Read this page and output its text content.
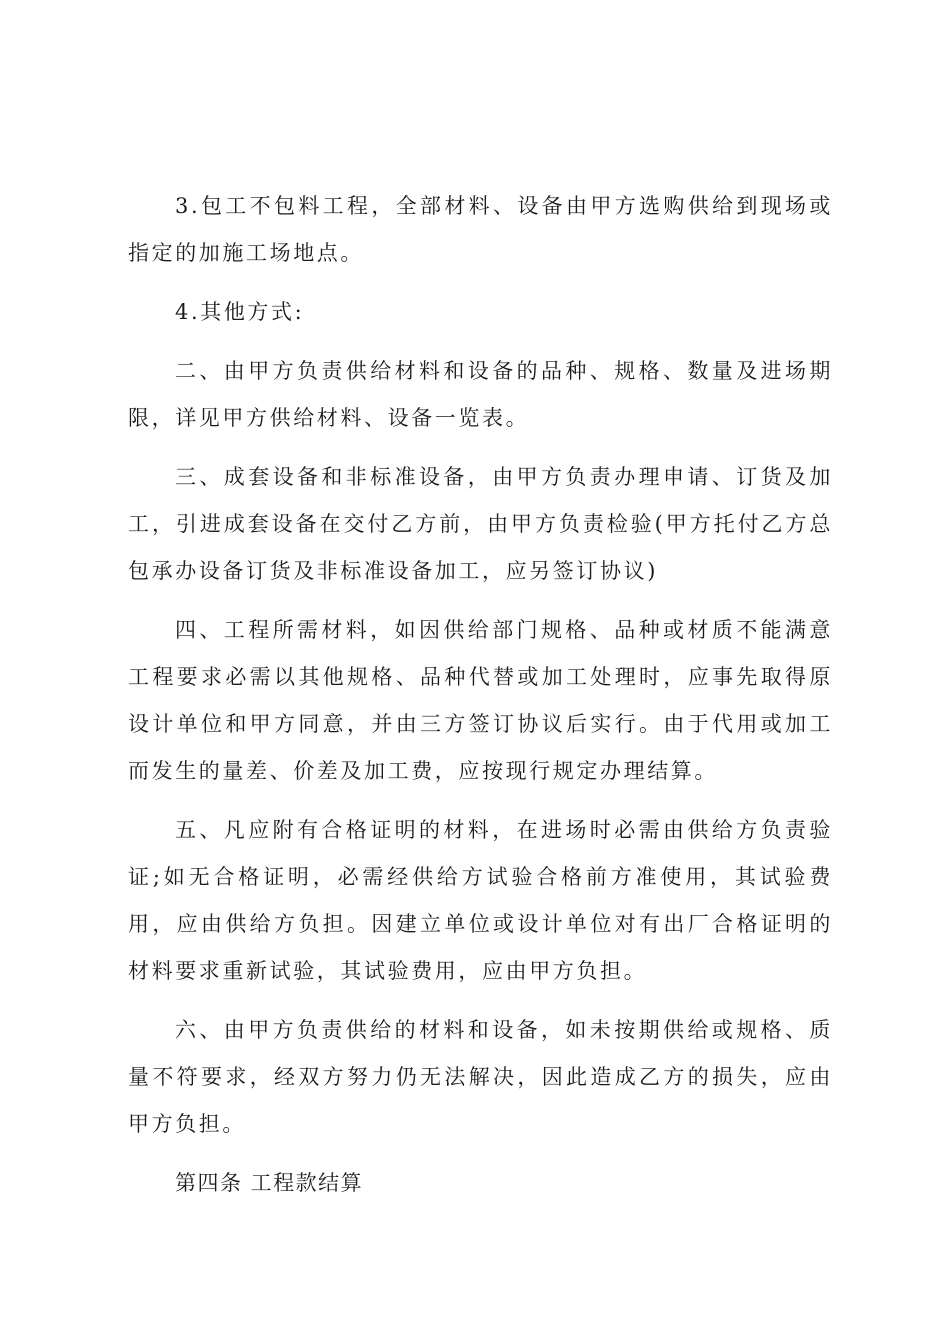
3.包工不包料工程，全部材料、设备由甲方选购供给到现场或指定的加施工场地点。

4.其他方式:

二、由甲方负责供给材料和设备的品种、规格、数量及进场期限，详见甲方供给材料、设备一览表。

三、成套设备和非标准设备，由甲方负责办理申请、订货及加工，引进成套设备在交付乙方前，由甲方负责检验(甲方托付乙方总包承办设备订货及非标准设备加工，应另签订协议)

四、工程所需材料，如因供给部门规格、品种或材质不能满意工程要求必需以其他规格、品种代替或加工处理时，应事先取得原设计单位和甲方同意，并由三方签订协议后实行。由于代用或加工而发生的量差、价差及加工费，应按现行规定办理结算。

五、凡应附有合格证明的材料，在进场时必需由供给方负责验证;如无合格证明，必需经供给方试验合格前方准使用，其试验费用，应由供给方负担。因建立单位或设计单位对有出厂合格证明的材料要求重新试验，其试验费用，应由甲方负担。

六、由甲方负责供给的材料和设备，如未按期供给或规格、质量不符要求，经双方努力仍无法解决，因此造成乙方的损失，应由甲方负担。

第四条 工程款结算
